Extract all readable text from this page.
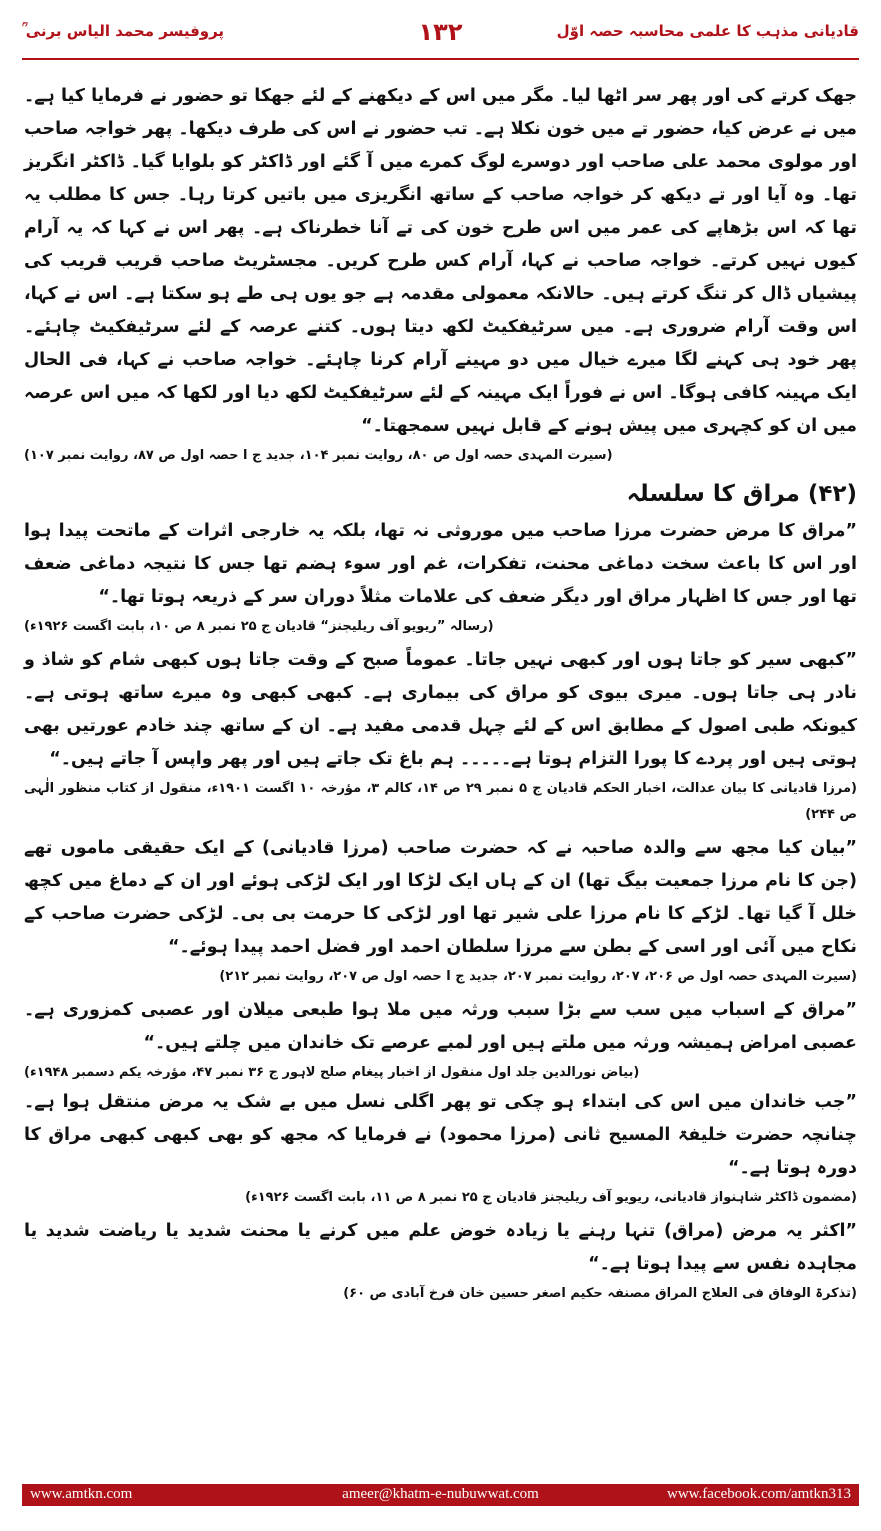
قادیانی مذہب کا علمی محاسبہ حصہ اوّل
۱۳۲
پروفیسر محمد الیاس برنی ؒ

جھک کرتے کی اور پھر سر اٹھا لیا۔ مگر میں اس کے دیکھنے کے لئے جھکا تو حضور نے فرمایا کیا ہے۔ میں نے عرض کیا، حضور تے میں خون نکلا ہے۔ تب حضور نے اس کی طرف دیکھا۔ پھر خواجہ صاحب اور مولوی محمد علی صاحب اور دوسرے لوگ کمرے میں آ گئے اور ڈاکٹر کو بلوایا گیا۔ ڈاکٹر انگریز تھا۔ وہ آیا اور تے دیکھ کر خواجہ صاحب کے ساتھ انگریزی میں باتیں کرتا رہا۔ جس کا مطلب یہ تھا کہ اس بڑھاپے کی عمر میں اس طرح خون کی تے آنا خطرناک ہے۔ پھر اس نے کہا کہ یہ آرام کیوں نہیں کرتے۔ خواجہ صاحب نے کہا، آرام کس طرح کریں۔ مجسٹریٹ صاحب قریب قریب کی پیشیاں ڈال کر تنگ کرتے ہیں۔ حالانکہ معمولی مقدمہ ہے جو یوں ہی طے ہو سکتا ہے۔ اس نے کہا، اس وقت آرام ضروری ہے۔ میں سرٹیفکیٹ لکھ دیتا ہوں۔ کتنے عرصہ کے لئے سرٹیفکیٹ چاہئے۔ پھر خود ہی کہنے لگا میرے خیال میں دو مہینے آرام کرنا چاہئے۔ خواجہ صاحب نے کہا، فی الحال ایک مہینہ کافی ہوگا۔ اس نے فوراً ایک مہینہ کے لئے سرٹیفکیٹ لکھ دیا اور لکھا کہ میں اس عرصہ میں ان کو کچہری میں پیش ہونے کے قابل نہیں سمجھتا۔“

(سیرت المہدی حصہ اول ص ۸۰، روایت نمبر ۱۰۴، جدید ج ا حصہ اول ص ۸۷، روایت نمبر ۱۰۷)

(۴۲) مراق کا سلسلہ

”مراق کا مرض حضرت مرزا صاحب میں موروثی نہ تھا، بلکہ یہ خارجی اثرات کے ماتحت پیدا ہوا اور اس کا باعث سخت دماغی محنت، تفکرات، غم اور سوء ہضم تھا جس کا نتیجہ دماغی ضعف تھا اور جس کا اظہار مراق اور دیگر ضعف کی علامات مثلاً دوران سر کے ذریعہ ہوتا تھا۔“

(رسالہ ”ریویو آف ریلیجنز“ قادیان ج ۲۵ نمبر ۸ ص ۱۰، بابت اگست ۱۹۲۶ء)

”کبھی سیر کو جاتا ہوں اور کبھی نہیں جاتا۔ عموماً صبح کے وقت جاتا ہوں کبھی شام کو شاذ و نادر ہی جاتا ہوں۔ میری بیوی کو مراق کی بیماری ہے۔ کبھی کبھی وہ میرے ساتھ ہوتی ہے۔ کیونکہ طبی اصول کے مطابق اس کے لئے چہل قدمی مفید ہے۔ ان کے ساتھ چند خادم عورتیں بھی ہوتی ہیں اور پردے کا پورا التزام ہوتا ہے۔۔۔۔۔ ہم باغ تک جاتے ہیں اور پھر واپس آ جاتے ہیں۔“

(مرزا قادیانی کا بیان عدالت، اخبار الحکم قادیان ج ۵ نمبر ۲۹ ص ۱۴، کالم ۳، مؤرخہ ۱۰ اگست ۱۹۰۱ء، منقول از کتاب منظور الٰہی ص ۲۴۴)

”بیان کیا مجھ سے والدہ صاحبہ نے کہ حضرت صاحب (مرزا قادیانی) کے ایک حقیقی ماموں تھے (جن کا نام مرزا جمعیت بیگ تھا) ان کے ہاں ایک لڑکا اور ایک لڑکی ہوئے اور ان کے دماغ میں کچھ خلل آ گیا تھا۔ لڑکے کا نام مرزا علی شیر تھا اور لڑکی کا حرمت بی بی۔ لڑکی حضرت صاحب کے نکاح میں آئی اور اسی کے بطن سے مرزا سلطان احمد اور فضل احمد پیدا ہوئے۔“

(سیرت المہدی حصہ اول ص ۲۰۶، ۲۰۷، روایت نمبر ۲۰۷، جدید ج ا حصہ اول ص ۲۰۷، روایت نمبر ۲۱۲)

”مراق کے اسباب میں سب سے بڑا سبب ورثہ میں ملا ہوا طبعی میلان اور عصبی کمزوری ہے۔ عصبی امراض ہمیشہ ورثہ میں ملتے ہیں اور لمبے عرصے تک خاندان میں چلتے ہیں۔“

(بیاض نورالدین جلد اول منقول از اخبار پیغام صلح لاہور ج ۳۶ نمبر ۴۷، مؤرخہ یکم دسمبر ۱۹۴۸ء)

”جب خاندان میں اس کی ابتداء ہو چکی تو پھر اگلی نسل میں بے شک یہ مرض منتقل ہوا ہے۔ چنانچہ حضرت خلیفۃ المسیح ثانی (مرزا محمود) نے فرمایا کہ مجھ کو بھی کبھی کبھی مراق کا دورہ ہوتا ہے۔“

(مضمون ڈاکٹر شاہنواز قادیانی، ریویو آف ریلیجنز قادیان ج ۲۵ نمبر ۸ ص ۱۱، بابت اگست ۱۹۲۶ء)

”اکثر یہ مرض (مراق) تنہا رہنے یا زیادہ خوض علم میں کرنے یا محنت شدید یا ریاضت شدید یا مجاہدہ نفس سے پیدا ہوتا ہے۔“

(تذکرۃ الوفاق فی العلاج المراق مصنفہ حکیم اصغر حسین خان فرخ آبادی ص ۶۰)

www.amtkn.com	ameer@khatm-e-nubuwwat.com	www.facebook.com/amtkn313
